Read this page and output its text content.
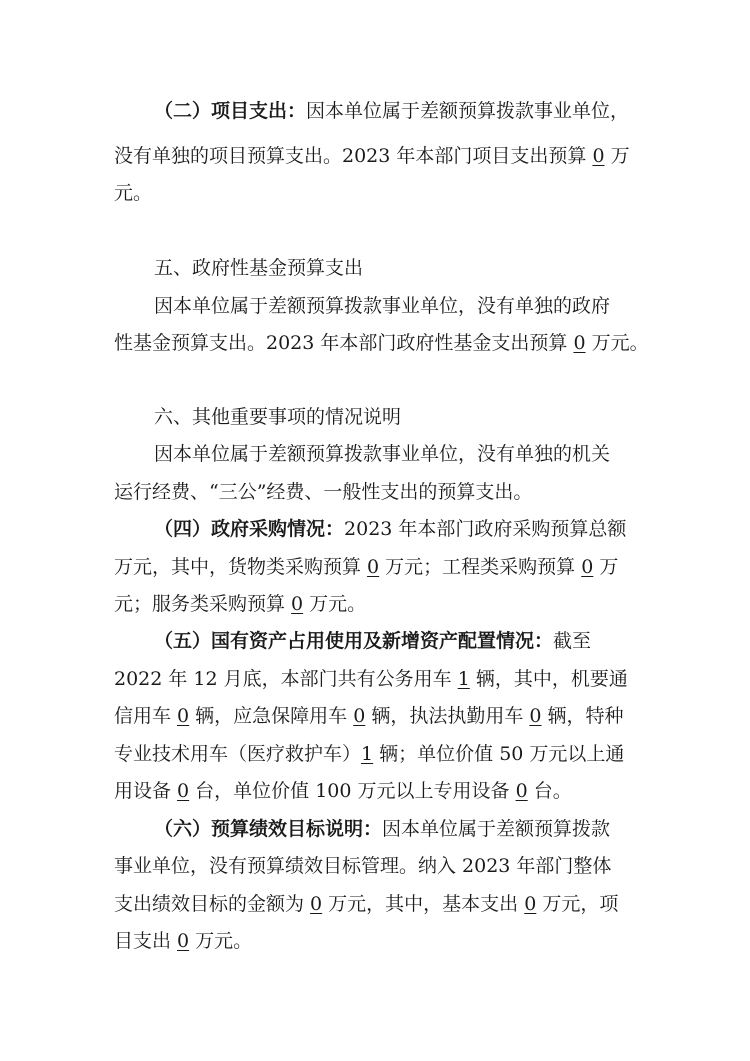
（二）项目支出：因本单位属于差额预算拨款事业单位，

没有单独的项目预算支出。2023 年本部门项目支出预算 0 万

元。

五、政府性基金预算支出

因本单位属于差额预算拨款事业单位，没有单独的政府

性基金预算支出。2023 年本部门政府性基金支出预算 0 万元。

六、其他重要事项的情况说明

因本单位属于差额预算拨款事业单位，没有单独的机关

运行经费、“三公”经费、一般性支出的预算支出。

（四）政府采购情况：2023 年本部门政府采购预算总额

万元，其中，货物类采购预算 0 万元；工程类采购预算 0 万

元；服务类采购预算 0 万元。

（五）国有资产占用使用及新增资产配置情况：截至

2022 年 12 月底，本部门共有公务用车 1 辆，其中，机要通

信用车 0 辆，应急保障用车 0 辆，执法执勤用车 0 辆，特种

专业技术用车（医疗救护车）1 辆；单位价值 50 万元以上通

用设备 0 台，单位价值 100 万元以上专用设备 0 台。

（六）预算绩效目标说明：因本单位属于差额预算拨款

事业单位，没有预算绩效目标管理。纳入 2023 年部门整体

支出绩效目标的金额为 0 万元，其中，基本支出 0 万元，项

目支出 0 万元。
